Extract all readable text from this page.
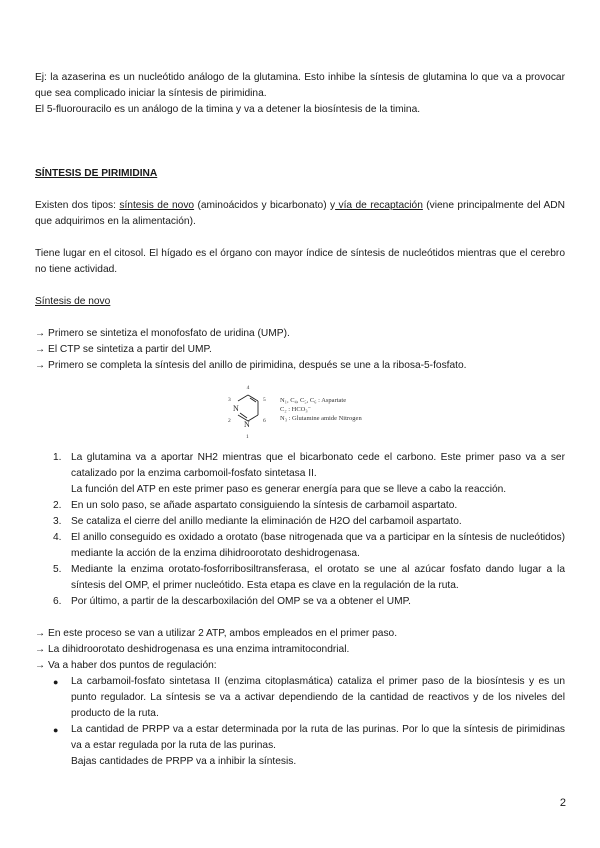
Ej: la azaserina es un nucleótido análogo de la glutamina. Esto inhibe la síntesis de glutamina lo que va a provocar que sea complicado iniciar la síntesis de pirimidina.

El 5-fluorouracilo es un análogo de la timina y va a detener la biosíntesis de la timina.

SÍNTESIS DE PIRIMIDINA

Existen dos tipos: síntesis de novo (aminoácidos y bicarbonato) y vía de recaptación (viene principalmente del ADN que adquirimos en la alimentación).

Tiene lugar en el citosol. El hígado es el órgano con mayor índice de síntesis de nucleótidos mientras que el cerebro no tiene actividad.

Síntesis de novo

→ Primero se sintetiza el monofosfato de uridina (UMP).

→ El CTP se sintetiza a partir del UMP.

→ Primero se completa la síntesis del anillo de pirimidina, después se une a la ribosa-5-fosfato.

4
3
N
5
2 N 6
1
N₁, C₄, C₅, C₆ : Aspartate
C₂ : HCO₃⁻
N₃ : Glutamine amide Nitrogen
1. La glutamina va a aportar NH2 mientras que el bicarbonato cede el carbono. Este primer paso va a ser catalizado por la enzima carbomoil-fosfato sintetasa II.

La función del ATP en este primer paso es generar energía para que se lleve a cabo la reacción.

2. En un solo paso, se añade aspartato consiguiendo la síntesis de carbamoil aspartato.

3. Se cataliza el cierre del anillo mediante la eliminación de H2O del carbamoil aspartato.

4. El anillo conseguido es oxidado a orotato (base nitrogenada que va a participar en la síntesis de nucleótidos) mediante la acción de la enzima dihidroorotato deshidrogenasa.

5. Mediante la enzima orotato-fosforribosiltransferasa, el orotato se une al azúcar fosfato dando lugar a la síntesis del OMP, el primer nucleótido. Esta etapa es clave en la regulación de la ruta.

6. Por último, a partir de la descarboxilación del OMP se va a obtener el UMP.

→ En este proceso se van a utilizar 2 ATP, ambos empleados en el primer paso.

→ La dihidroorotato deshidrogenasa es una enzima intramitocondrial.

→ Va a haber dos puntos de regulación:

●	La carbamoil-fosfato sintetasa II (enzima citoplasmática) cataliza el primer paso de la biosíntesis y es un punto regulador. La síntesis se va a activar dependiendo de la cantidad de reactivos y de los niveles del producto de la ruta.

●	La cantidad de PRPP va a estar determinada por la ruta de las purinas. Por lo que la síntesis de pirimidinas va a estar regulada por la ruta de las purinas.

Bajas cantidades de PRPP va a inhibir la síntesis.

2
